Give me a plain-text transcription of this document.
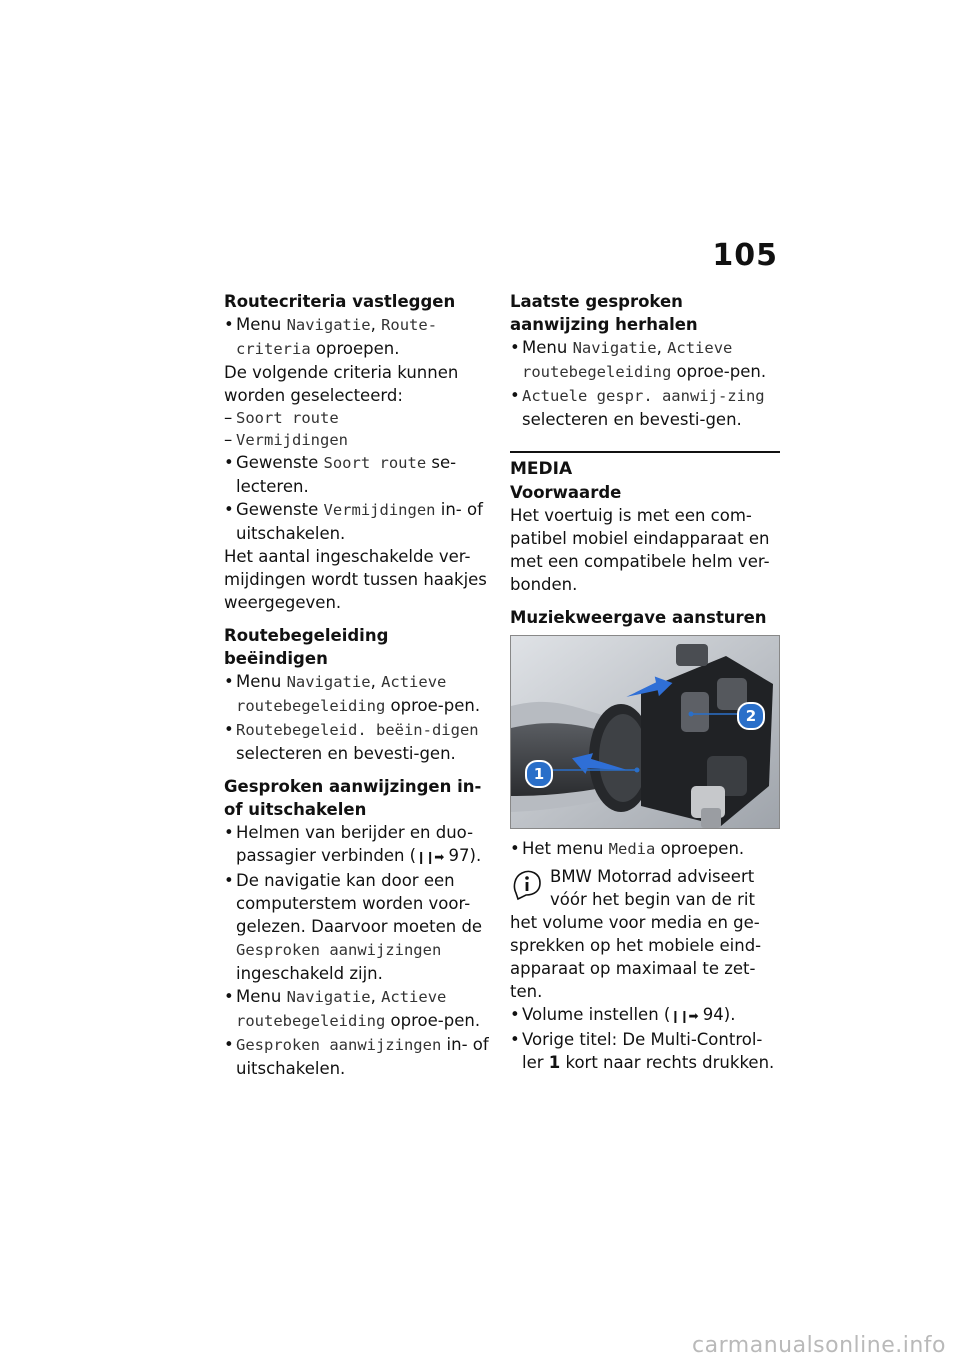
105

Routecriteria vastleggen

• Menu Navigatie, Route-criteria oproepen.

De volgende criteria kunnen worden geselecteerd:

– Soort route

– Vermijdingen

• Gewenste Soort route se-lecteren.

• Gewenste Vermijdingen in- of uitschakelen.

Het aantal ingeschakelde ver-mijdingen wordt tussen haakjes weergegeven.

Routebegeleiding beëindigen

• Menu Navigatie, Actieve routebegeleiding oproe-pen.

• Routebegeleid. beëin-digen selecteren en bevesti-gen.

Gesproken aanwijzingen in- of uitschakelen

• Helmen van berijder en duo-passagier verbinden (❙❙➡ 97).

• De navigatie kan door een computerstem worden voor-gelezen. Daarvoor moeten de Gesproken aanwijzingen ingeschakeld zijn.

• Menu Navigatie, Actieve routebegeleiding oproe-pen.

• Gesproken aanwijzingen in- of uitschakelen.

Laatste gesproken aanwijzing herhalen

• Menu Navigatie, Actieve routebegeleiding oproe-pen.

• Actuele gespr. aanwij-zing selecteren en bevesti-gen.

MEDIA

Voorwaarde

Het voertuig is met een com-patibel mobiel eindapparaat en met een compatibele helm ver-bonden.

Muziekweergave aansturen

1
2

• Het menu Media oproepen.

BMW Motorrad adviseert vóór het begin van de rit

het volume voor media en ge-sprekken op het mobiele eind-apparaat op maximaal te zet-ten.

• Volume instellen (❙❙➡ 94).

• Vorige titel: De Multi-Control-ler 1 kort naar rechts drukken.

carmanualsonline.info
